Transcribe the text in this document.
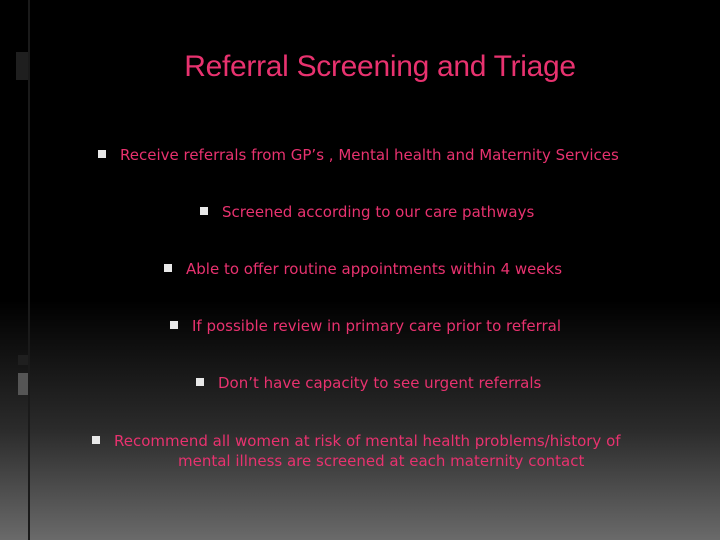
Referral Screening and Triage
Receive referrals from GP’s , Mental health and Maternity Services
Screened according to our care pathways
Able to offer routine appointments within 4 weeks
If possible review in primary care prior to referral
Don’t have capacity to see urgent referrals
Recommend all women at risk of mental health problems/history of
mental illness are screened at each maternity contact
